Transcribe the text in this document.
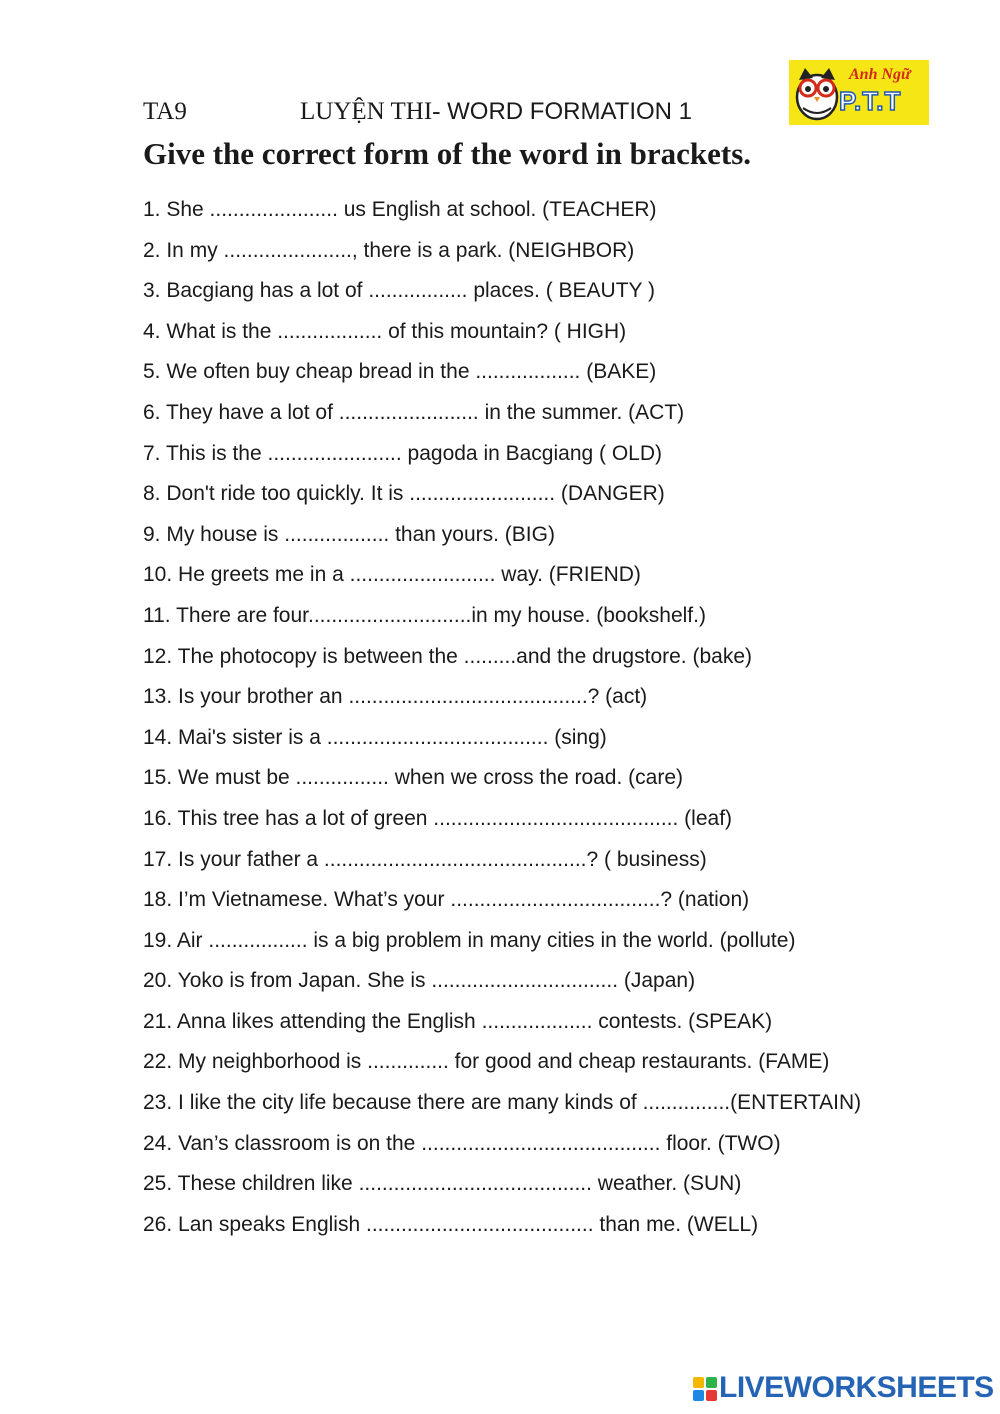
TA9	LUYỆN THI- WORD FORMATION 1
Anh Ngữ
P.T.T
Give the correct form of the word in brackets.
1. She ...................... us English at school. (TEACHER)
2. In my ......................, there is a park. (NEIGHBOR)
3. Bacgiang has a lot of ................. places. ( BEAUTY )
4. What is the .................. of this mountain? ( HIGH)
5. We often buy cheap bread in the .................. (BAKE)
6. They have a lot of ........................ in the summer. (ACT)
7. This is the ....................... pagoda in Bacgiang ( OLD)
8. Don't ride too quickly. It is ......................... (DANGER)
9. My house is .................. than yours. (BIG)
10. He greets me in a ......................... way. (FRIEND)
11. There are four............................in my house. (bookshelf.)
12. The photocopy is between the .........and the drugstore. (bake)
13. Is your brother an .........................................? (act)
14. Mai's sister is a ...................................... (sing)
15. We must be ................ when we cross the road. (care)
16. This tree has a lot of green .......................................... (leaf)
17. Is your father a .............................................? ( business)
18. I’m Vietnamese. What’s your ....................................? (nation)
19. Air ................. is a big problem in many cities in the world. (pollute)
20. Yoko is from Japan. She is ................................ (Japan)
21. Anna likes attending the English ................... contests. (SPEAK)
22. My neighborhood is .............. for good and cheap restaurants. (FAME)
23. I like the city life because there are many kinds of ...............(ENTERTAIN)
24. Van’s classroom is on the ......................................... floor. (TWO)
25. These children like ........................................ weather. (SUN)
26. Lan speaks English ....................................... than me. (WELL)
LIVEWORKSHEETS
